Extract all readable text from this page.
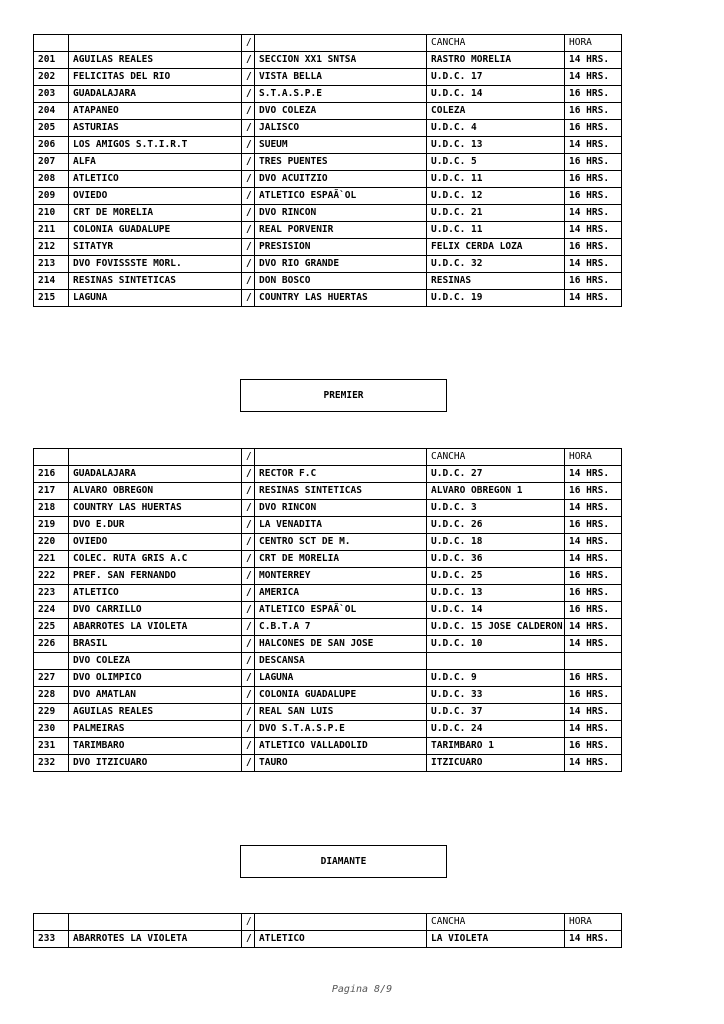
		/		CANCHA	HORA
201	AGUILAS REALES	/	SECCION XX1 SNTSA	RASTRO MORELIA	14 HRS.
202	FELICITAS DEL RIO	/	VISTA BELLA	U.D.C. 17	14 HRS.
203	GUADALAJARA	/	S.T.A.S.P.E	U.D.C. 14	16 HRS.
204	ATAPANEO	/	DVO COLEZA	COLEZA	16 HRS.
205	ASTURIAS	/	JALISCO	U.D.C. 4	16 HRS.
206	LOS AMIGOS S.T.I.R.T	/	SUEUM	U.D.C. 13	14 HRS.
207	ALFA	/	TRES PUENTES	U.D.C. 5	16 HRS.
208	ATLETICO	/	DVO ACUITZIO	U.D.C. 11	16 HRS.
209	OVIEDO	/	ATLETICO ESPAÃ`OL	U.D.C. 12	16 HRS.
210	CRT DE MORELIA	/	DVO RINCON	U.D.C. 21	14 HRS.
211	COLONIA GUADALUPE	/	REAL PORVENIR	U.D.C. 11	14 HRS.
212	SITATYR	/	PRESISION	FELIX CERDA LOZA	16 HRS.
213	DVO FOVISSSTE MORL.	/	DVO RIO GRANDE	U.D.C. 32	14 HRS.
214	RESINAS SINTETICAS	/	DON BOSCO	RESINAS	16 HRS.
215	LAGUNA	/	COUNTRY LAS HUERTAS	U.D.C. 19	14 HRS.
PREMIER
		/		CANCHA	HORA
216	GUADALAJARA	/	RECTOR F.C	U.D.C. 27	14 HRS.
217	ALVARO OBREGON	/	RESINAS SINTETICAS	ALVARO OBREGON 1	16 HRS.
218	COUNTRY LAS HUERTAS	/	DVO RINCON	U.D.C. 3	14 HRS.
219	DVO E.DUR	/	LA VENADITA	U.D.C. 26	16 HRS.
220	OVIEDO	/	CENTRO SCT DE M.	U.D.C. 18	14 HRS.
221	COLEC. RUTA GRIS A.C	/	CRT DE MORELIA	U.D.C. 36	14 HRS.
222	PREF. SAN FERNANDO	/	MONTERREY	U.D.C. 25	16 HRS.
223	ATLETICO	/	AMERICA	U.D.C. 13	16 HRS.
224	DVO CARRILLO	/	ATLETICO ESPAÃ`OL	U.D.C. 14	16 HRS.
225	ABARROTES LA VIOLETA	/	C.B.T.A 7	U.D.C. 15 JOSE CALDERON	14 HRS.
226	BRASIL	/	HALCONES DE SAN JOSE	U.D.C. 10	14 HRS.
	DVO COLEZA	/	DESCANSA		
227	DVO OLIMPICO	/	LAGUNA	U.D.C. 9	16 HRS.
228	DVO AMATLAN	/	COLONIA GUADALUPE	U.D.C. 33	16 HRS.
229	AGUILAS REALES	/	REAL SAN LUIS	U.D.C. 37	14 HRS.
230	PALMEIRAS	/	DVO S.T.A.S.P.E	U.D.C. 24	14 HRS.
231	TARIMBARO	/	ATLETICO VALLADOLID	TARIMBARO 1	16 HRS.
232	DVO ITZICUARO	/	TAURO	ITZICUARO	14 HRS.
DIAMANTE
		/		CANCHA	HORA
233	ABARROTES LA VIOLETA	/	ATLETICO	LA VIOLETA	14 HRS.
Pagina 8/9
